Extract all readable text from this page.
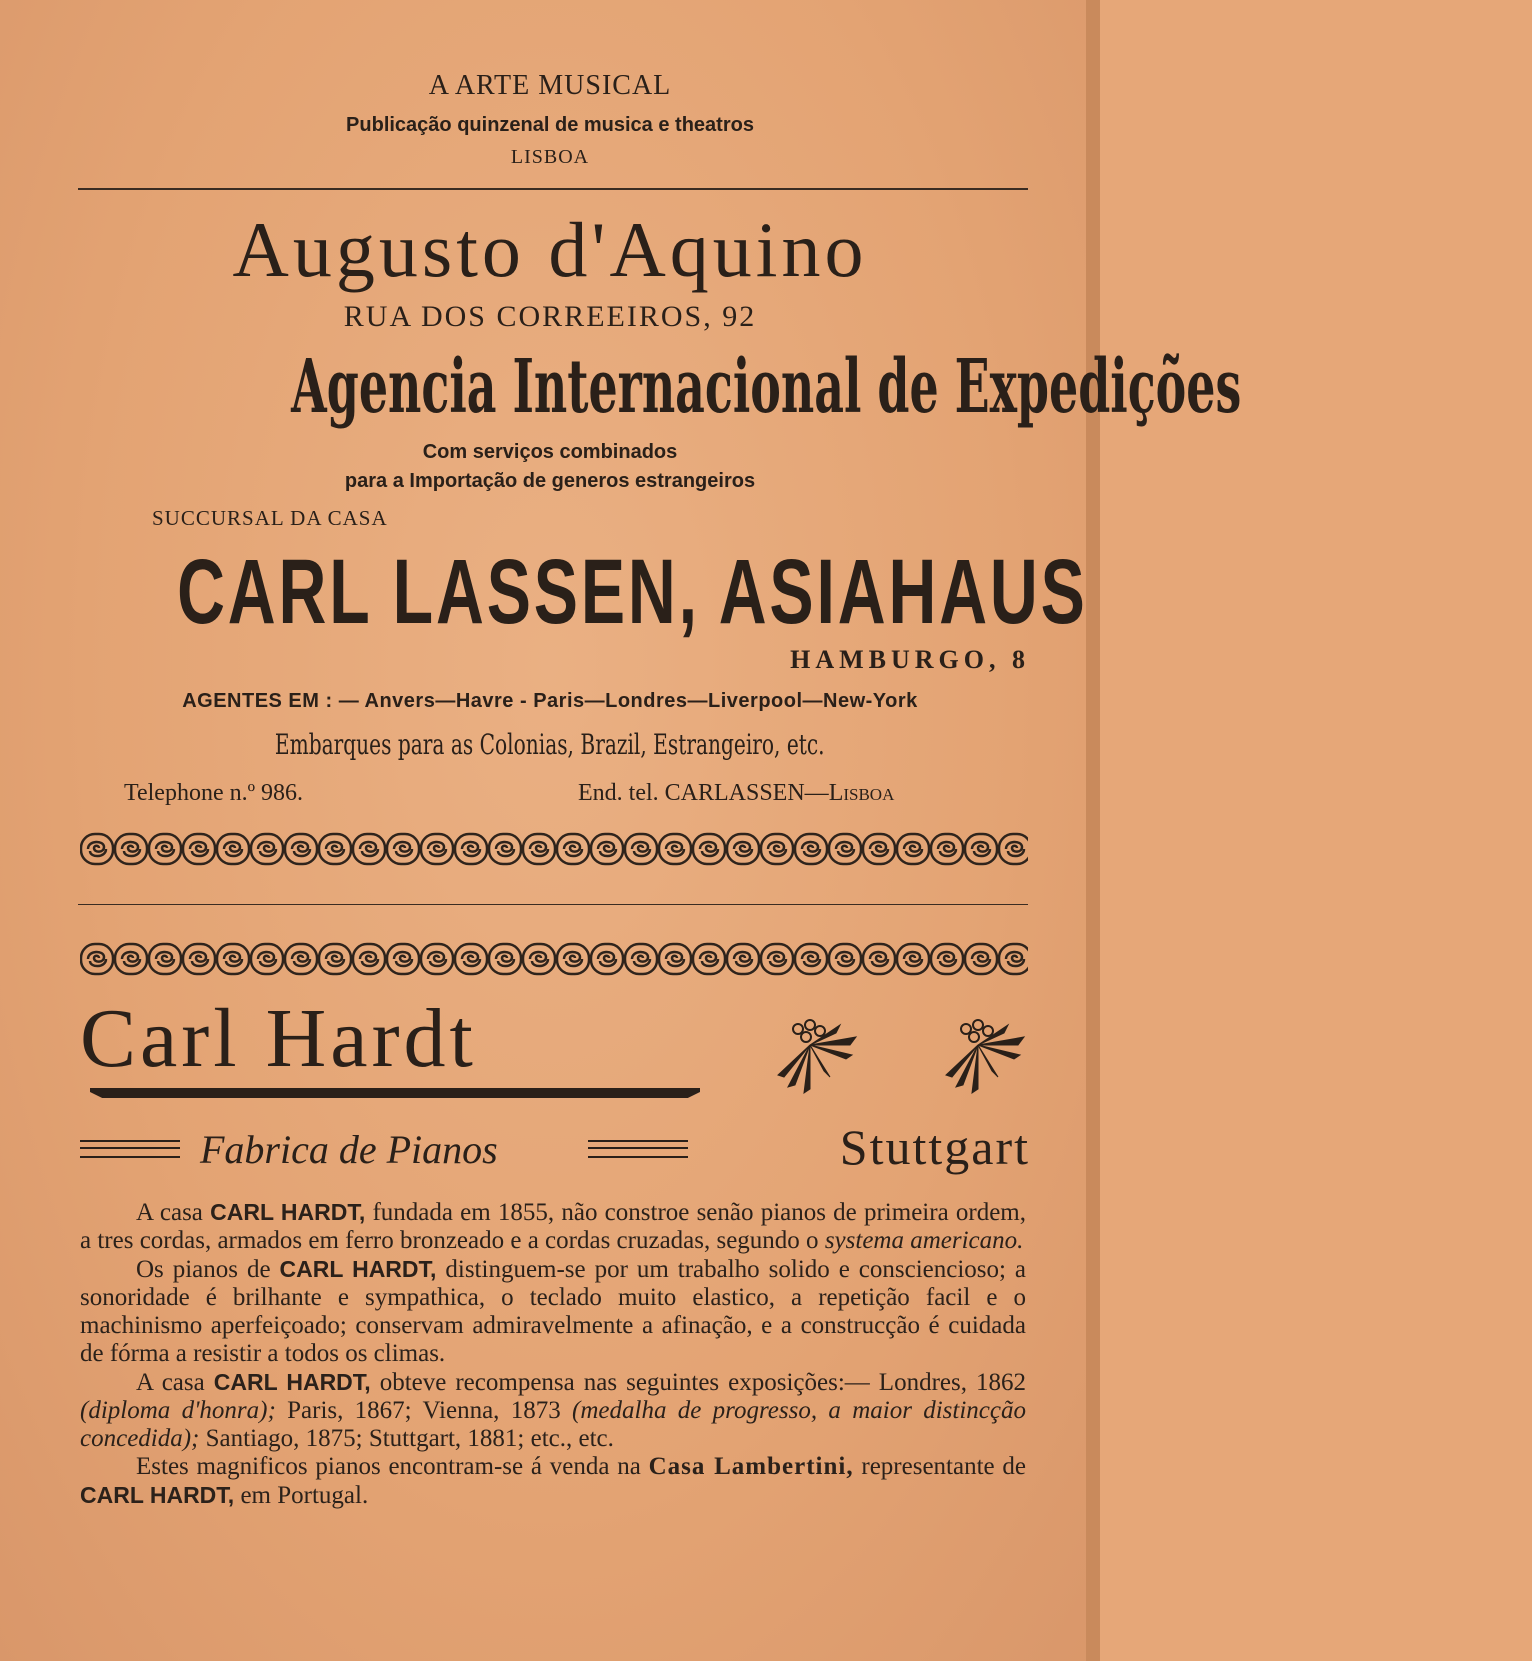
A ARTE MUSICAL
Publicação quinzenal de musica e theatros
LISBOA
Augusto d'Aquino
RUA DOS CORREEIROS, 92
Agencia Internacional de Expedições
Com serviços combinados
para a Importação de generos estrangeiros
SUCCURSAL DA CASA
CARL LASSEN, ASIAHAUS
HAMBURGO, 8
AGENTES EM : — Anvers—Havre - Paris—Londres—Liverpool—New-York
Embarques para as Colonias, Brazil, Estrangeiro, etc.
Telephone n.º 986.	End. tel. CARLASSEN—Lisboa
Carl Hardt
Fabrica de Pianos	Stuttgart

A casa CARL HARDT, fundada em 1855, não constroe senão pianos de primeira ordem, a tres cordas, armados em ferro bronzeado e a cordas cruzadas, segundo o systema americano.

Os pianos de CARL HARDT, distinguem-se por um trabalho solido e consciencioso; a sonoridade é brilhante e sympathica, o teclado muito elastico, a repetição facil e o machinismo aperfeiçoado; conservam admiravelmente a afinação, e a construcção é cuidada de fórma a resistir a todos os climas.

A casa CARL HARDT, obteve recompensa nas seguintes exposições:— Londres, 1862 (diploma d'honra); Paris, 1867; Vienna, 1873 (medalha de progresso, a maior distincção concedida); Santiago, 1875; Stuttgart, 1881; etc., etc.

Estes magnificos pianos encontram-se á venda na Casa Lambertini, representante de CARL HARDT, em Portugal.
